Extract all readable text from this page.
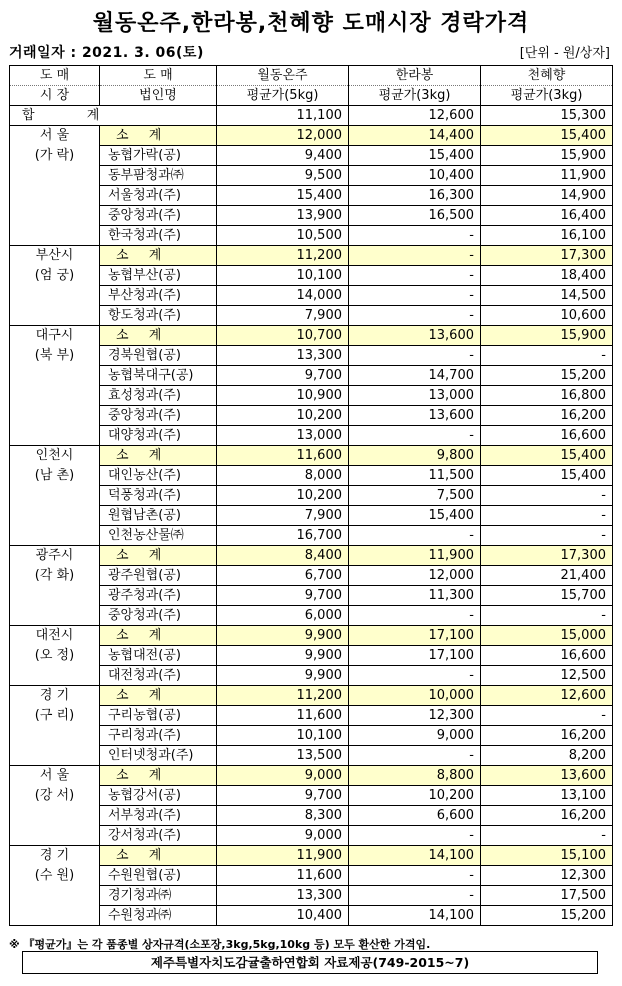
월동온주,한라봉,천혜향 도매시장 경락가격
거래일자 : 2021. 3. 06(토)	[단위 - 원/상자]
도 매	도 매	월동온주	한라봉	천혜향
시 장	법인명	평균가(5kg)	평균가(3kg)	평균가(3kg)
합 계		11,100	12,600	15,300

서 울
(가 락)	소 계	12,000	14,400	15,400
	농협가락(공)	9,400	15,400	15,900
	동부팜청과㈜	9,500	10,400	11,900
	서울청과(주)	15,400	16,300	14,900
	중앙청과(주)	13,900	16,500	16,400
	한국청과(주)	10,500	-	16,100

부산시
(엄 궁)	소 계	11,200	-	17,300
	농협부산(공)	10,100	-	18,400
	부산청과(주)	14,000	-	14,500
	항도청과(주)	7,900	-	10,600

대구시
(북 부)	소 계	10,700	13,600	15,900
	경북원협(공)	13,300	-	-
	농협북대구(공)	9,700	14,700	15,200
	효성청과(주)	10,900	13,000	16,800
	중앙청과(주)	10,200	13,600	16,200
	대양청과(주)	13,000	-	16,600

인천시
(남 촌)	소 계	11,600	9,800	15,400
	대인농산(주)	8,000	11,500	15,400
	덕풍청과(주)	10,200	7,500	-
	원협남촌(공)	7,900	15,400	-
	인천농산물㈜	16,700	-	-

광주시
(각 화)	소 계	8,400	11,900	17,300
	광주원협(공)	6,700	12,000	21,400
	광주청과(주)	9,700	11,300	15,700
	중앙청과(주)	6,000	-	-

대전시
(오 정)	소 계	9,900	17,100	15,000
	농협대전(공)	9,900	17,100	16,600
	대전청과(주)	9,900	-	12,500

경 기
(구 리)	소 계	11,200	10,000	12,600
	구리농협(공)	11,600	12,300	-
	구리청과(주)	10,100	9,000	16,200
	인터넷청과(주)	13,500	-	8,200

서 울
(강 서)	소 계	9,000	8,800	13,600
	농협강서(공)	9,700	10,200	13,100
	서부청과(주)	8,300	6,600	16,200
	강서청과(주)	9,000	-	-

경 기
(수 원)	소 계	11,900	14,100	15,100
	수원원협(공)	11,600	-	12,300
	경기청과㈜	13,300	-	17,500
	수원청과㈜	10,400	14,100	15,200
※ 『평균가』는 각 품종별 상자규격(소포장,3kg,5kg,10kg 등) 모두 환산한 가격임.
제주특별자치도감귤출하연합회 자료제공(749-2015~7)
